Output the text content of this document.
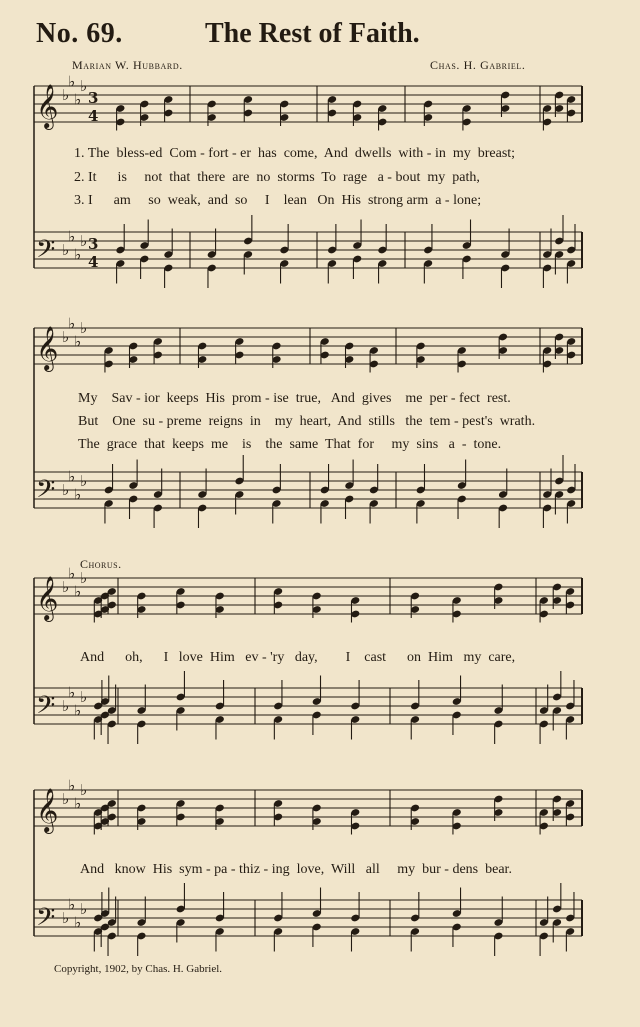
No. 69.	The Rest of Faith.
Marian W. Hubbard.	Chas. H. Gabriel.
𝄞
𝄢
♭
♭
♭
♭
♭
♭
♭
♭
3
4
3
4
𝄞
𝄢
♭
♭
♭
♭
♭
♭
♭
♭
𝄞
𝄢
♭
♭
♭
♭
♭
♭
♭
♭
𝄞
𝄢
♭
♭
♭
♭
♭
♭
♭
♭
1. The  bless-ed  Com - fort - er  has  come,  And  dwells  with - in  my  breast;
2. It      is     not  that  there  are  no  storms  To  rage   a - bout  my  path,
3. I      am     so  weak,  and  so     I    lean   On  His  strong arm  a - lone;
My    Sav - ior  keeps  His  prom - ise  true,   And  gives    me  per - fect  rest.
But    One  su - preme  reigns  in    my  heart,  And  stills   the  tem - pest's  wrath.
The  grace  that  keeps  me    is    the  same  That  for     my  sins   a  -  tone.
Chorus.
And      oh,      I   love  Him   ev - 'ry   day,        I    cast      on  Him   my  care,
And   know  His  sym - pa - thiz - ing  love,  Will   all     my  bur - dens  bear.
Copyright, 1902, by Chas. H. Gabriel.
